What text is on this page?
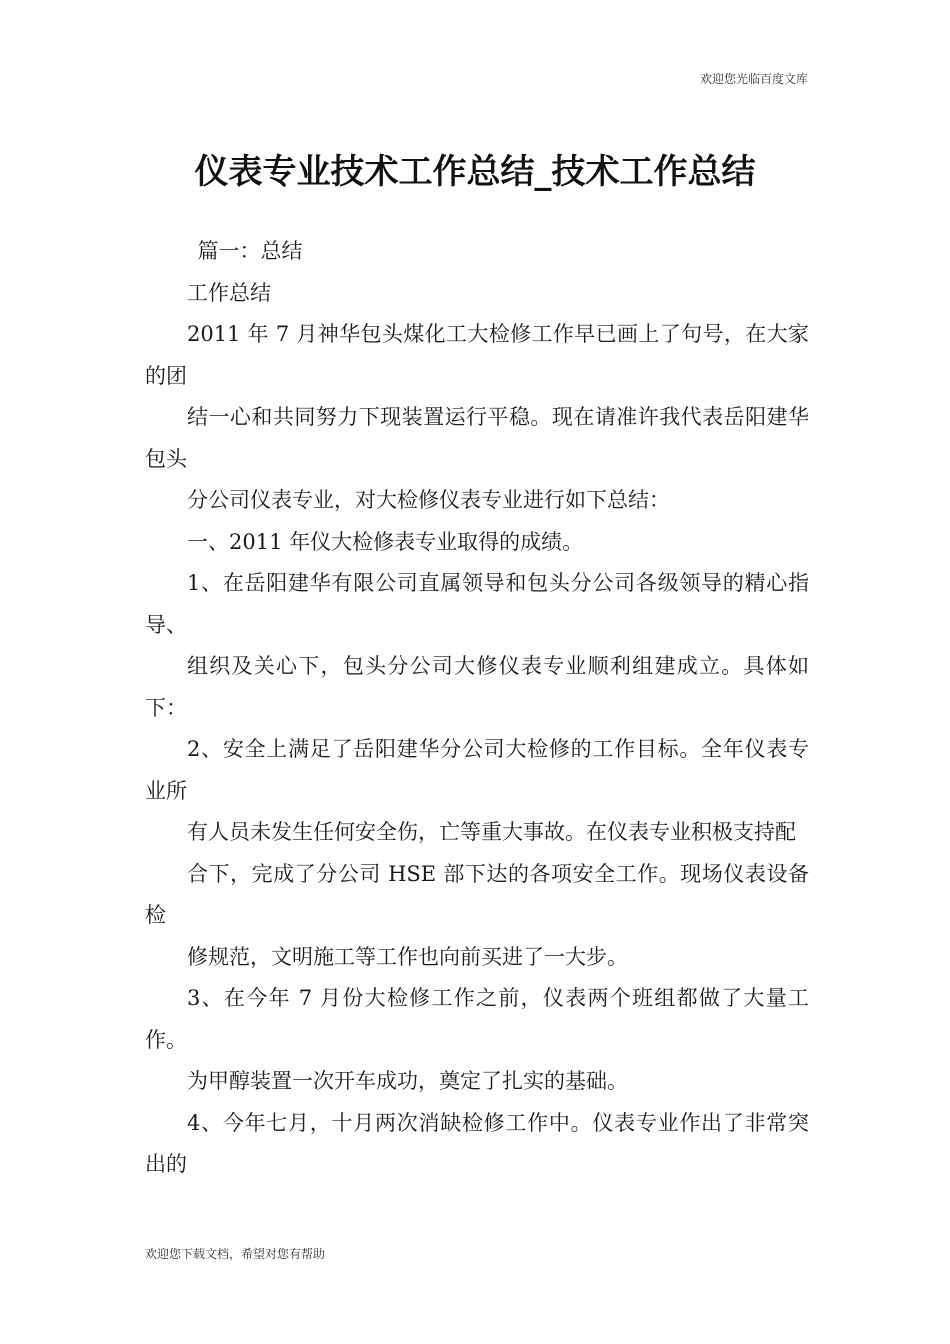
欢迎您光临百度文库
仪表专业技术工作总结_技术工作总结

篇一：总结

工作总结

2011 年 7 月神华包头煤化工大检修工作早已画上了句号，在大家的团

结一心和共同努力下现装置运行平稳。现在请准许我代表岳阳建华包头

分公司仪表专业，对大检修仪表专业进行如下总结：

一、2011 年仪大检修表专业取得的成绩。

1、在岳阳建华有限公司直属领导和包头分公司各级领导的精心指导、

组织及关心下，包头分公司大修仪表专业顺利组建成立。具体如下：

2、安全上满足了岳阳建华分公司大检修的工作目标。全年仪表专业所

有人员未发生任何安全伤，亡等重大事故。在仪表专业积极支持配

合下，完成了分公司 HSE 部下达的各项安全工作。现场仪表设备检

修规范，文明施工等工作也向前买进了一大步。

3、在今年 7 月份大检修工作之前，仪表两个班组都做了大量工作。

为甲醇装置一次开车成功，奠定了扎实的基础。

4、今年七月，十月两次消缺检修工作中。仪表专业作出了非常突出的

欢迎您下载文档，希望对您有帮助
